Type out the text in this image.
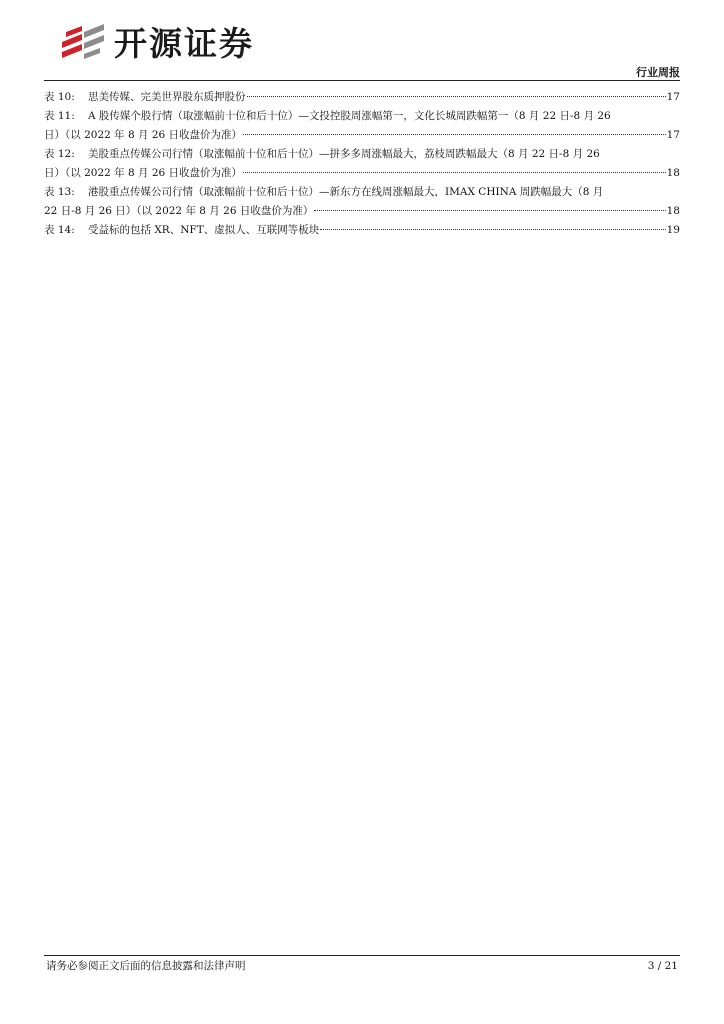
开源证券
行业周报
表 10:	思美传媒、完美世界股东质押股份	17
表 11:	A 股传媒个股行情（取涨幅前十位和后十位）—文投控股周涨幅第一，文化长城周跌幅第一（8 月 22 日-8 月 26
日）（以 2022 年 8 月 26 日收盘价为准）	17
表 12:	美股重点传媒公司行情（取涨幅前十位和后十位）—拼多多周涨幅最大，荔枝周跌幅最大（8 月 22 日-8 月 26
日）（以 2022 年 8 月 26 日收盘价为准）	18
表 13:	港股重点传媒公司行情（取涨幅前十位和后十位）—新东方在线周涨幅最大，IMAX CHINA 周跌幅最大（8 月
22 日-8 月 26 日）（以 2022 年 8 月 26 日收盘价为准）	18
表 14:	受益标的包括 XR、NFT、虚拟人、互联网等板块	19
请务必参阅正文后面的信息披露和法律声明	3 / 21
